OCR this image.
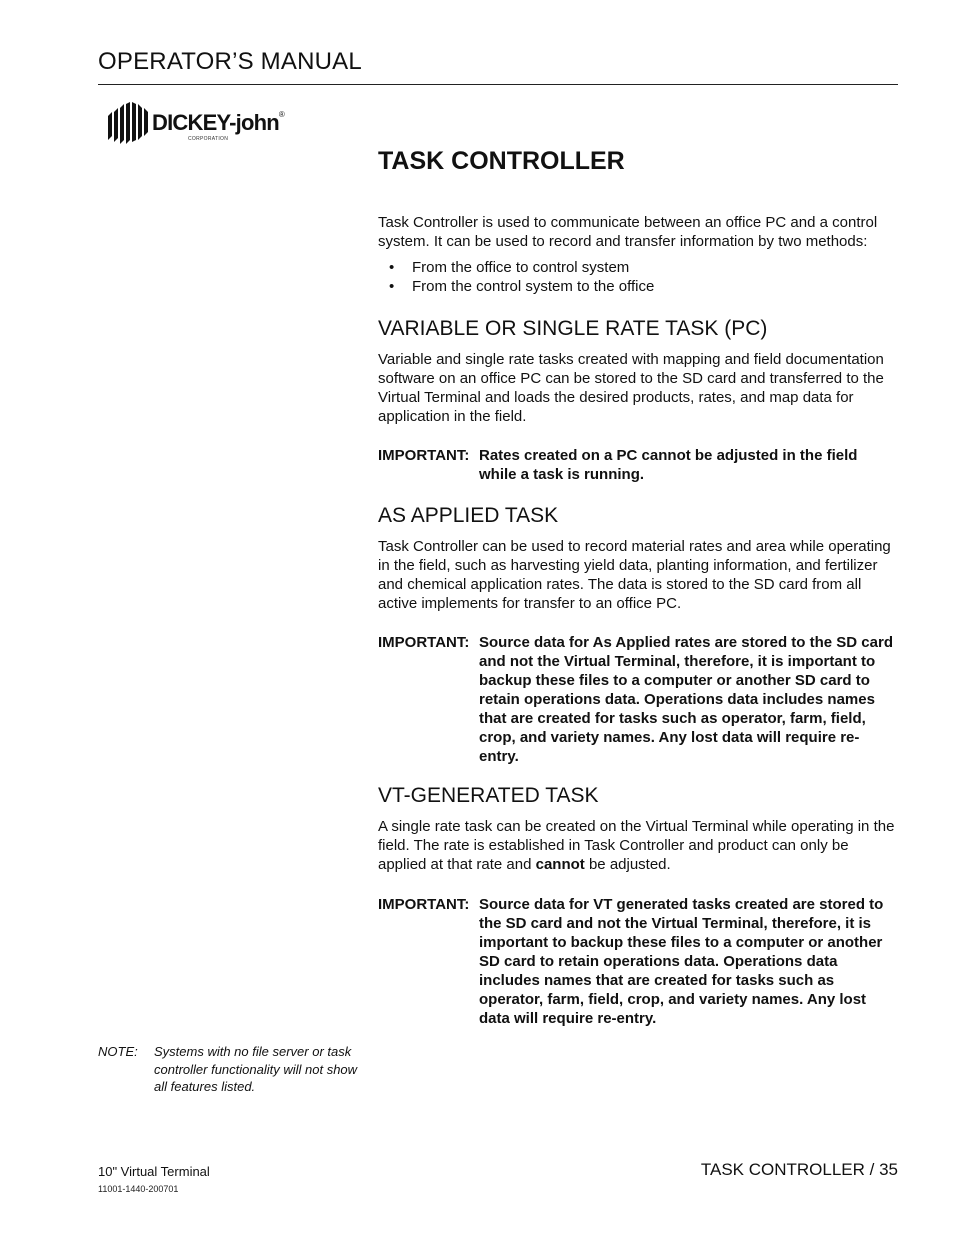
OPERATOR’S MANUAL
DICKEY-john®
CORPORATION
TASK CONTROLLER

Task Controller is used to communicate between an office PC and a control system. It can be used to record and transfer information by two methods:

• From the office to control system
• From the control system to the office
VARIABLE OR SINGLE RATE TASK (PC)

Variable and single rate tasks created with mapping and field documentation software on an office PC can be stored to the SD card and transferred to the Virtual Terminal and loads the desired products, rates, and map data for application in the field.

IMPORTANT: Rates created on a PC cannot be adjusted in the field while a task is running.
AS APPLIED TASK

Task Controller can be used to record material rates and area while operating in the field, such as harvesting yield data, planting information, and fertilizer and chemical application rates. The data is stored to the SD card from all active implements for transfer to an office PC.

IMPORTANT: Source data for As Applied rates are stored to the SD card and not the Virtual Terminal, therefore, it is important to backup these files to a computer or another SD card to retain operations data. Operations data includes names that are created for tasks such as operator, farm, field, crop, and variety names. Any lost data will require re-entry.
VT-GENERATED TASK

A single rate task can be created on the Virtual Terminal while operating in the field. The rate is established in Task Controller and product can only be applied at that rate and cannot be adjusted.

IMPORTANT: Source data for VT generated tasks created are stored to the SD card and not the Virtual Terminal, therefore, it is important to backup these files to a computer or another SD card to retain operations data. Operations data includes names that are created for tasks such as operator, farm, field, crop, and variety names. Any lost data will require re-entry.
NOTE: Systems with no file server or task controller functionality will not show all features listed.
10" Virtual Terminal
11001-1440-200701
TASK CONTROLLER / 35
